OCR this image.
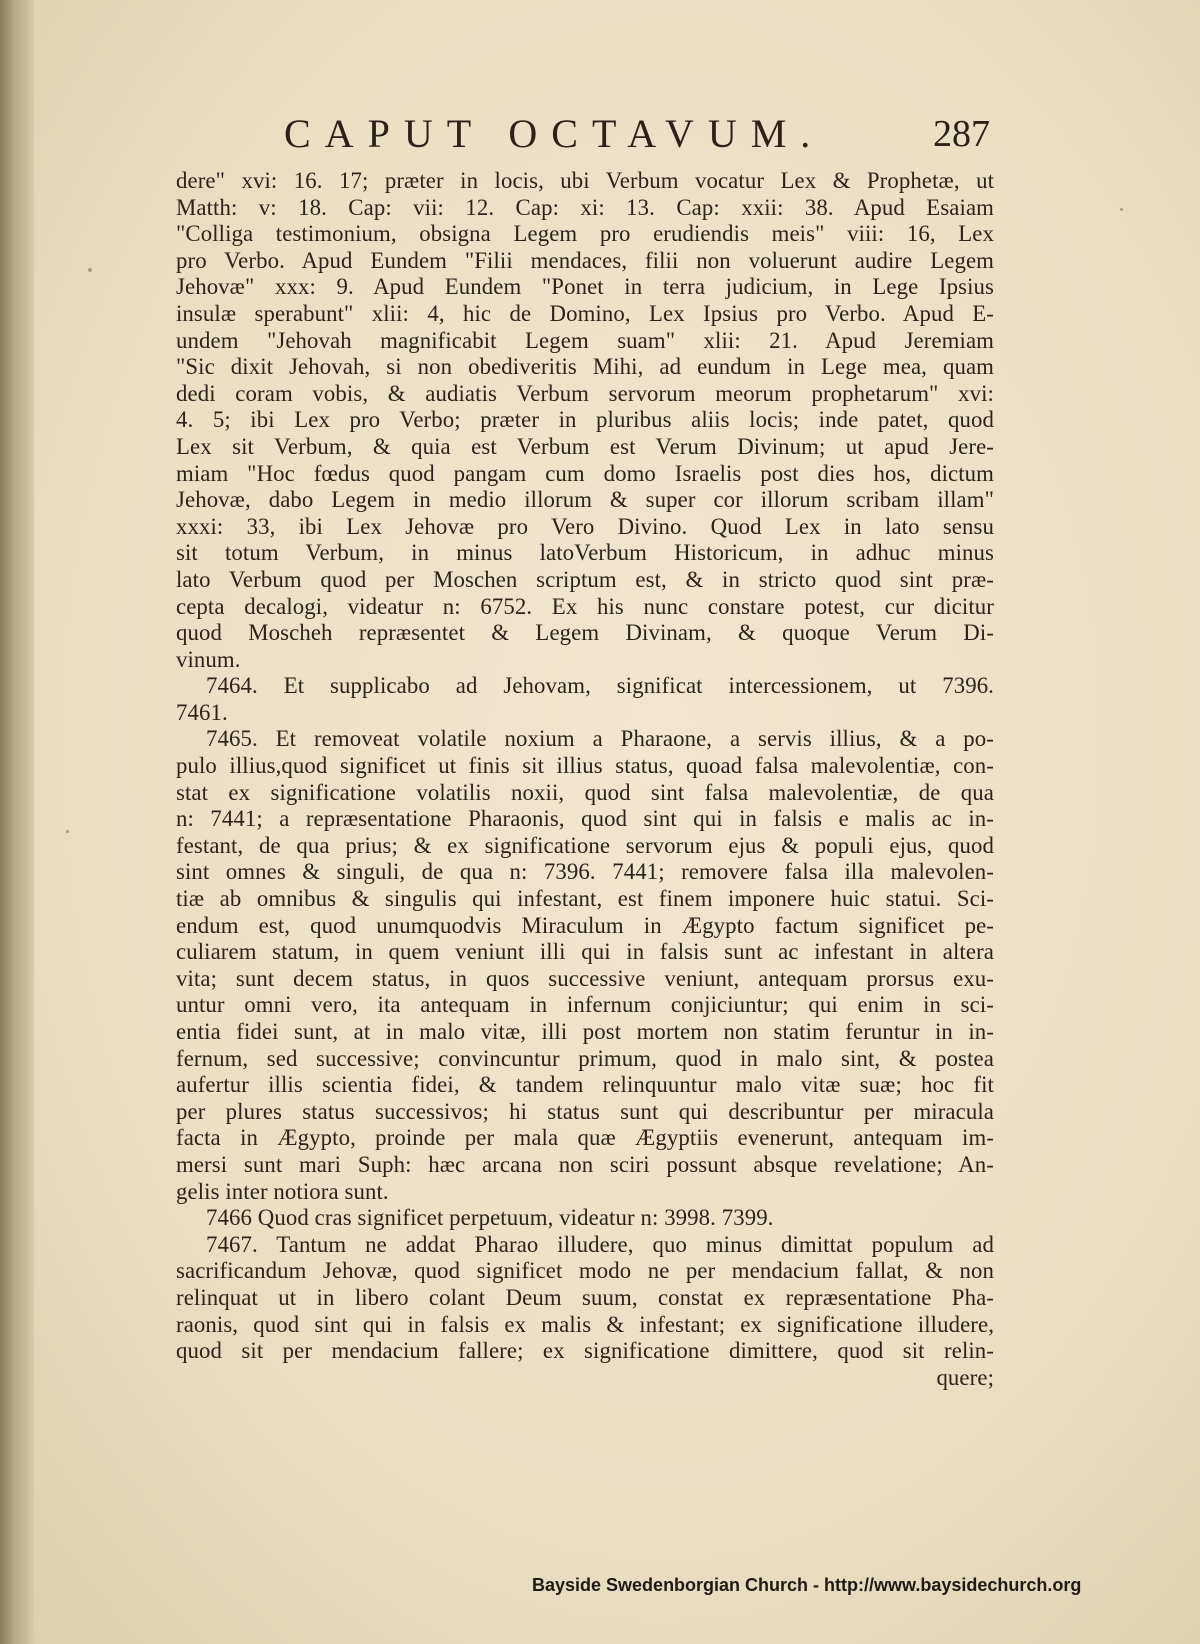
CAPUT OCTAVUM.	287
dere" xvi: 16. 17; præter in locis, ubi Verbum vocatur Lex & Prophetæ, ut
Matth: v: 18. Cap: vii: 12. Cap: xi: 13. Cap: xxii: 38. Apud Esaiam
"Colliga testimonium, obsigna Legem pro erudiendis meis" viii: 16, Lex
pro Verbo. Apud Eundem "Filii mendaces, filii non voluerunt audire Legem
Jehovæ" xxx: 9. Apud Eundem "Ponet in terra judicium, in Lege Ipsius
insulæ sperabunt" xlii: 4, hic de Domino, Lex Ipsius pro Verbo. Apud E-
undem "Jehovah magnificabit Legem suam" xlii: 21. Apud Jeremiam
"Sic dixit Jehovah, si non obediveritis Mihi, ad eundum in Lege mea, quam
dedi coram vobis, & audiatis Verbum servorum meorum prophetarum" xvi:
4. 5; ibi Lex pro Verbo; præter in pluribus aliis locis; inde patet, quod
Lex sit Verbum, & quia est Verbum est Verum Divinum; ut apud Jere-
miam "Hoc fœdus quod pangam cum domo Israelis post dies hos, dictum
Jehovæ, dabo Legem in medio illorum & super cor illorum scribam illam"
xxxi: 33, ibi Lex Jehovæ pro Vero Divino. Quod Lex in lato sensu
sit totum Verbum, in minus latoVerbum Historicum, in adhuc minus
lato Verbum quod per Moschen scriptum est, & in stricto quod sint præ-
cepta decalogi, videatur n: 6752. Ex his nunc constare potest, cur dicitur
quod Moscheh repræsentet & Legem Divinam, & quoque Verum Di-
vinum.
7464. Et supplicabo ad Jehovam, significat intercessionem, ut 7396.
7461.
7465. Et removeat volatile noxium a Pharaone, a servis illius, & a po-
pulo illius,quod significet ut finis sit illius status, quoad falsa malevolentiæ, con-
stat ex significatione volatilis noxii, quod sint falsa malevolentiæ, de qua
n: 7441; a repræsentatione Pharaonis, quod sint qui in falsis e malis ac in-
festant, de qua prius; & ex significatione servorum ejus & populi ejus, quod
sint omnes & singuli, de qua n: 7396. 7441; removere falsa illa malevolen-
tiæ ab omnibus & singulis qui infestant, est finem imponere huic statui. Sci-
endum est, quod unumquodvis Miraculum in Ægypto factum significet pe-
culiarem statum, in quem veniunt illi qui in falsis sunt ac infestant in altera
vita; sunt decem status, in quos successive veniunt, antequam prorsus exu-
untur omni vero, ita antequam in infernum conjiciuntur; qui enim in sci-
entia fidei sunt, at in malo vitæ, illi post mortem non statim feruntur in in-
fernum, sed successive; convincuntur primum, quod in malo sint, & postea
aufertur illis scientia fidei, & tandem relinquuntur malo vitæ suæ; hoc fit
per plures status successivos; hi status sunt qui describuntur per miracula
facta in Ægypto, proinde per mala quæ Ægyptiis evenerunt, antequam im-
mersi sunt mari Suph: hæc arcana non sciri possunt absque revelatione; An-
gelis inter notiora sunt.
7466 Quod cras significet perpetuum, videatur n: 3998. 7399.
7467. Tantum ne addat Pharao illudere, quo minus dimittat populum ad
sacrificandum Jehovæ, quod significet modo ne per mendacium fallat, & non
relinquat ut in libero colant Deum suum, constat ex repræsentatione Pha-
raonis, quod sint qui in falsis ex malis & infestant; ex significatione illudere,
quod sit per mendacium fallere; ex significatione dimittere, quod sit relin-
quere;
Bayside Swedenborgian Church - http://www.baysidechurch.org
